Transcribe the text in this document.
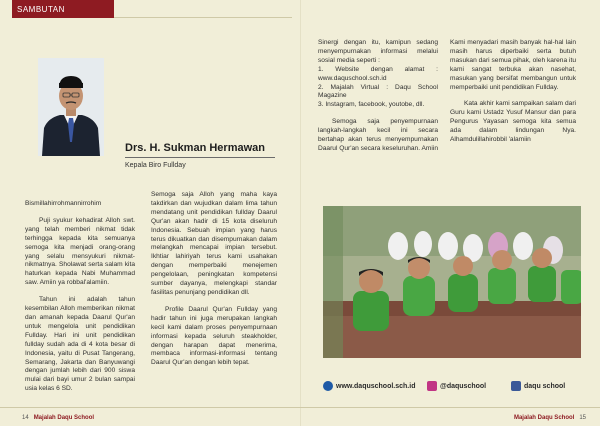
SAMBUTAN

Drs. H. Sukman Hermawan

Kepala Biro Fullday

Bismillahirrohmannirrohim

Puji syukur kehadirat Alloh swt. yang telah memberi nikmat tidak terhingga kepada kita semuanya semoga kita menjadi orang-orang yang selalu mensyukuri nikmat-nikmatnya. Sholawat serta salam kita haturkan kepada Nabi Muhammad saw. Amiin ya robbal'alamiin.

Tahun ini adalah tahun kesembilan Alloh memberikan nikmat dan amanah kepada Daarul Qur'an untuk mengelola unit pendidikan Fullday. Hari ini unit pendidikan fullday sudah ada di 4 kota besar di Indonesia, yaitu di Pusat Tangerang, Semarang, Jakarta dan Banyuwangi dengan jumlah lebih dari 900 siswa mulai dari bayi umur 2 bulan sampai usia kelas 6 SD.

Semoga saja Alloh yang maha kaya takdirkan dan wujudkan dalam lima tahun mendatang unit pendidikan fullday Daarul Qur'an akan hadir di 15 kota diseluruh Indonesia. Sebuah impian yang harus terus dikuatkan dan disempurnakan dalam melangkah mencapai impian tersebut. Ikhtiar lahiriyah terus kami usahakan dengan memperbaiki menejemen pengelolaan, peningkatan kompetensi sumber dayanya, melengkapi standar fasilitas penunjang pendidikan dll.

Profile Daarul Qur'an Fullday yang hadir tahun ini juga merupakan langkah kecil kami dalam proses penyempurnaan informasi kepada seluruh steakholder, dengan harapan dapat menerima, membaca informasi-informasi tentang Daarul Qur'an dengan lebih tepat.

14 Majalah Daqu School

Sinergi dengan itu, kamipun sedang menyempurnakan informasi melalui sosial media seperti :

1. Website dengan alamat : www.daquschool.sch.id

2. Majalah Virtual : Daqu School Magazine

3. Instagram, facebook, youtobe, dll.

Semoga saja penyempurnaan langkah-langkah kecil ini secara bertahap akan terus menyempurnakan Daarul Qur'an secara keseluruhan. Amiin

Kami menyadari masih banyak hal-hal lain masih harus diperbaiki serta butuh masukan dari semua pihak, oleh karena itu kami sangat terbuka akan nasehat, masukan yang bersifat membangun untuk memperbaiki unit pendidikan Fullday.

Kata akhir kami sampaikan salam dari Guru kami Ustadz Yusuf Mansur dan para Pengurus Yayasan semoga kita semua ada dalam lindungan Nya. Alhamdulillahirobbil 'alamiin

www.daquschool.sch.id	@daquschool	daqu school
Majalah Daqu School 15
